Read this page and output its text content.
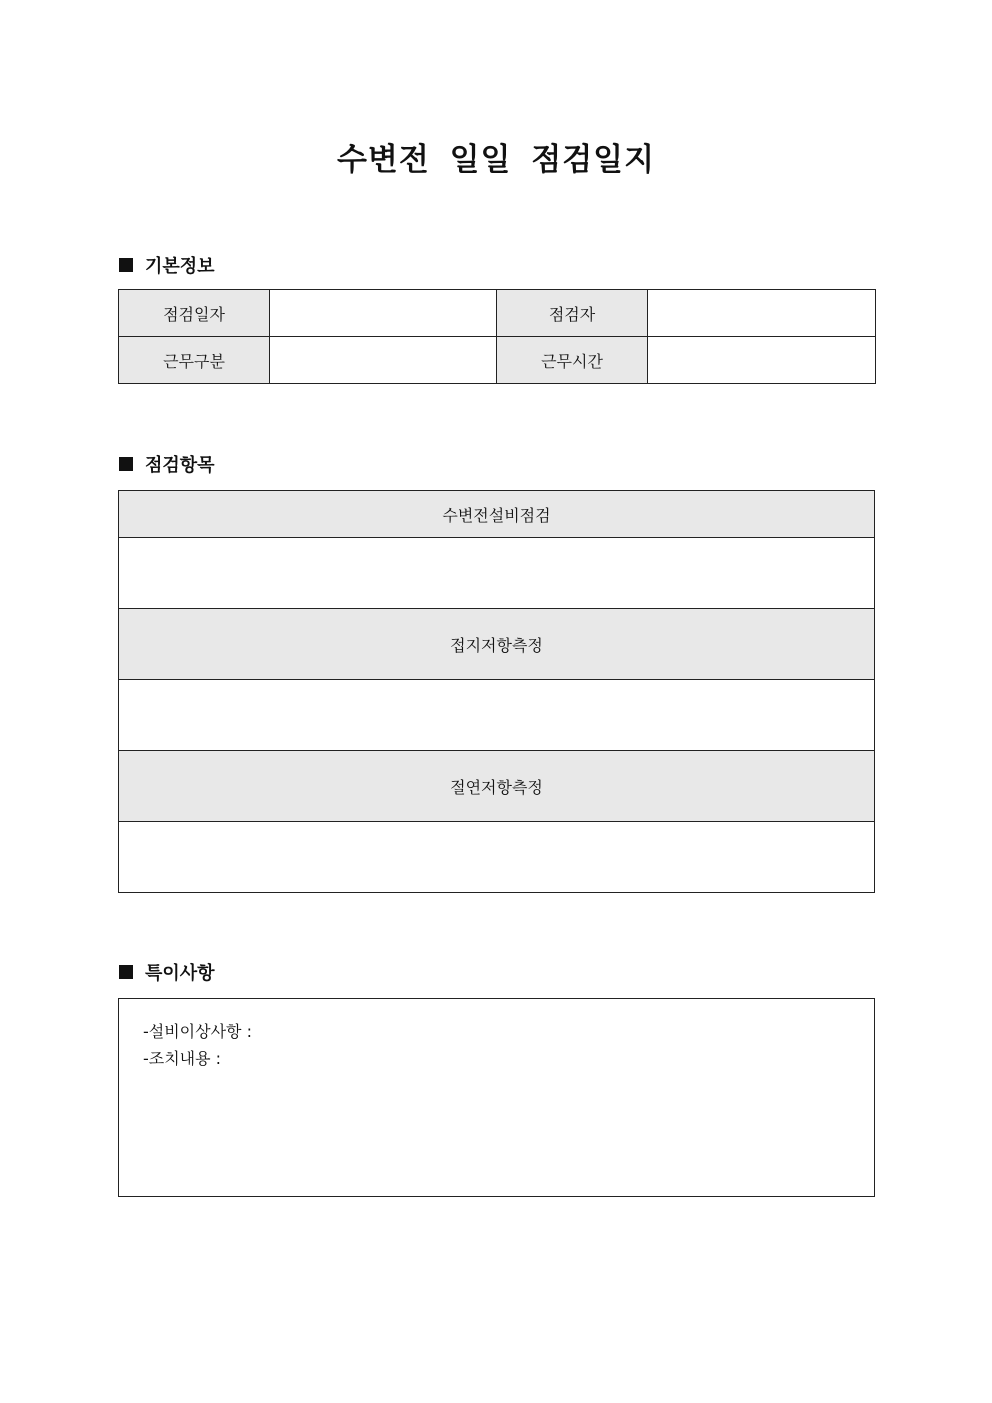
수변전 일일 점검일지
기본정보
점검일자		점검자	
근무구분		근무시간	
점검항목
수변전설비점검

접지저항측정

절연저항측정

특이사항
-설비이상사항 :
-조치내용 :
